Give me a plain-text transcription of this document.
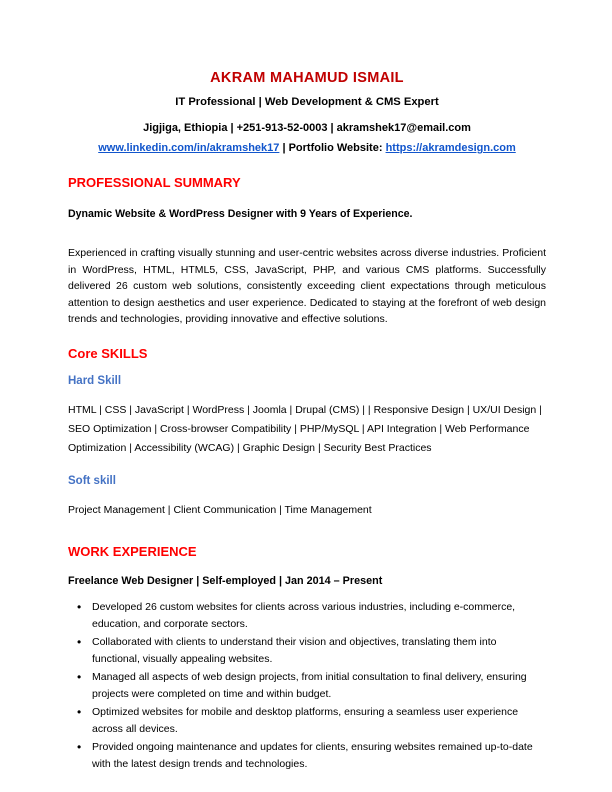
AKRAM MAHAMUD ISMAIL
IT Professional | Web Development & CMS Expert
Jigjiga, Ethiopia | +251-913-52-0003 | akramshek17@email.com
www.linkedin.com/in/akramshek17 | Portfolio Website: https://akramdesign.com
PROFESSIONAL SUMMARY
Dynamic Website & WordPress Designer with 9 Years of Experience.
Experienced in crafting visually stunning and user-centric websites across diverse industries. Proficient in WordPress, HTML, HTML5, CSS, JavaScript, PHP, and various CMS platforms. Successfully delivered 26 custom web solutions, consistently exceeding client expectations through meticulous attention to design aesthetics and user experience. Dedicated to staying at the forefront of web design trends and technologies, providing innovative and effective solutions.
Core SKILLS
Hard Skill
HTML | CSS | JavaScript | WordPress | Joomla | Drupal (CMS) | | Responsive Design | UX/UI Design | SEO Optimization | Cross-browser Compatibility | PHP/MySQL | API Integration | Web Performance Optimization | Accessibility (WCAG) | Graphic Design | Security Best Practices
Soft skill
Project Management | Client Communication | Time Management
WORK EXPERIENCE
Freelance Web Designer | Self-employed | Jan 2014 – Present
• Developed 26 custom websites for clients across various industries, including e-commerce, education, and corporate sectors.
• Collaborated with clients to understand their vision and objectives, translating them into functional, visually appealing websites.
• Managed all aspects of web design projects, from initial consultation to final delivery, ensuring projects were completed on time and within budget.
• Optimized websites for mobile and desktop platforms, ensuring a seamless user experience across all devices.
• Provided ongoing maintenance and updates for clients, ensuring websites remained up-to-date with the latest design trends and technologies.
